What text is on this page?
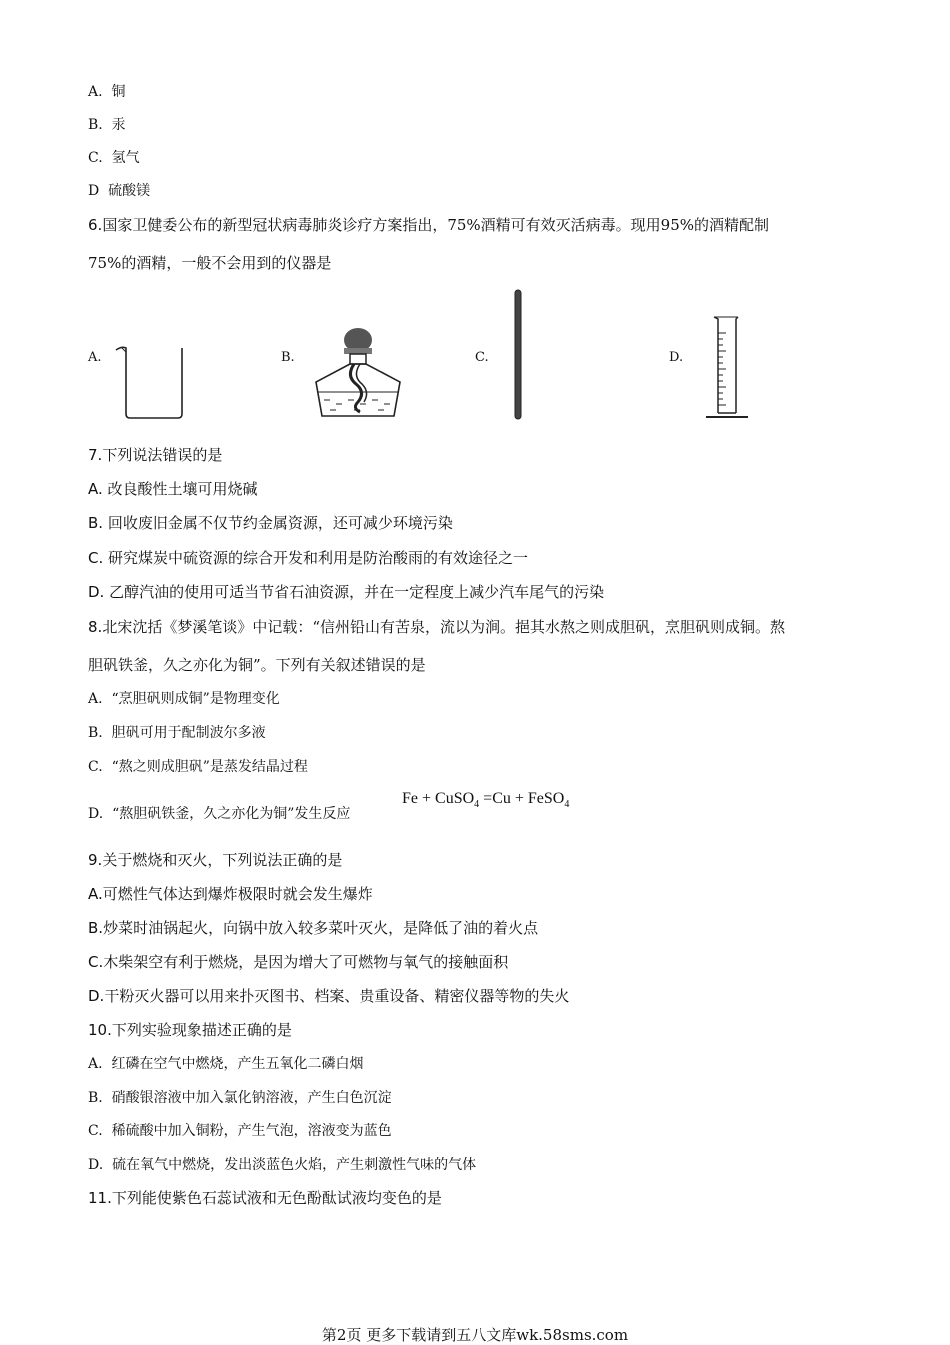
A. 铜
B. 汞
C. 氢气
D 硫酸镁
6.国家卫健委公布的新型冠状病毒肺炎诊疗方案指出，75%酒精可有效灭活病毒。现用95%的酒精配制
75%的酒精，一般不会用到的仪器是
A.	B.	C.	D.
7.下列说法错误的是
A. 改良酸性土壤可用烧碱
B. 回收废旧金属不仅节约金属资源，还可减少环境污染
C. 研究煤炭中硫资源的综合开发和利用是防治酸雨的有效途径之一
D. 乙醇汽油的使用可适当节省石油资源，并在一定程度上减少汽车尾气的污染
8.北宋沈括《梦溪笔谈》中记载：“信州铅山有苦泉，流以为涧。挹其水熬之则成胆矾，烹胆矾则成铜。熬
胆矾铁釜，久之亦化为铜”。下列有关叙述错误的是
A. “烹胆矾则成铜”是物理变化
B. 胆矾可用于配制波尔多液
C. “熬之则成胆矾”是蒸发结晶过程
D. “熬胆矾铁釜，久之亦化为铜”发生反应
Fe + CuSO$_4$ =Cu + FeSO$_4$
9.关于燃烧和灭火，下列说法正确的是
A.可燃性气体达到爆炸极限时就会发生爆炸
B.炒菜时油锅起火，向锅中放入较多菜叶灭火，是降低了油的着火点
C.木柴架空有利于燃烧，是因为增大了可燃物与氧气的接触面积
D.干粉灭火器可以用来扑灭图书、档案、贵重设备、精密仪器等物的失火
10.下列实验现象描述正确的是
A. 红磷在空气中燃烧，产生五氧化二磷白烟
B. 硝酸银溶液中加入氯化钠溶液，产生白色沉淀
C. 稀硫酸中加入铜粉，产生气泡，溶液变为蓝色
D. 硫在氧气中燃烧，发出淡蓝色火焰，产生刺激性气味的气体
11.下列能使紫色石蕊试液和无色酚酞试液均变色的是
第2页 更多下载请到五八文库wk.58sms.com
